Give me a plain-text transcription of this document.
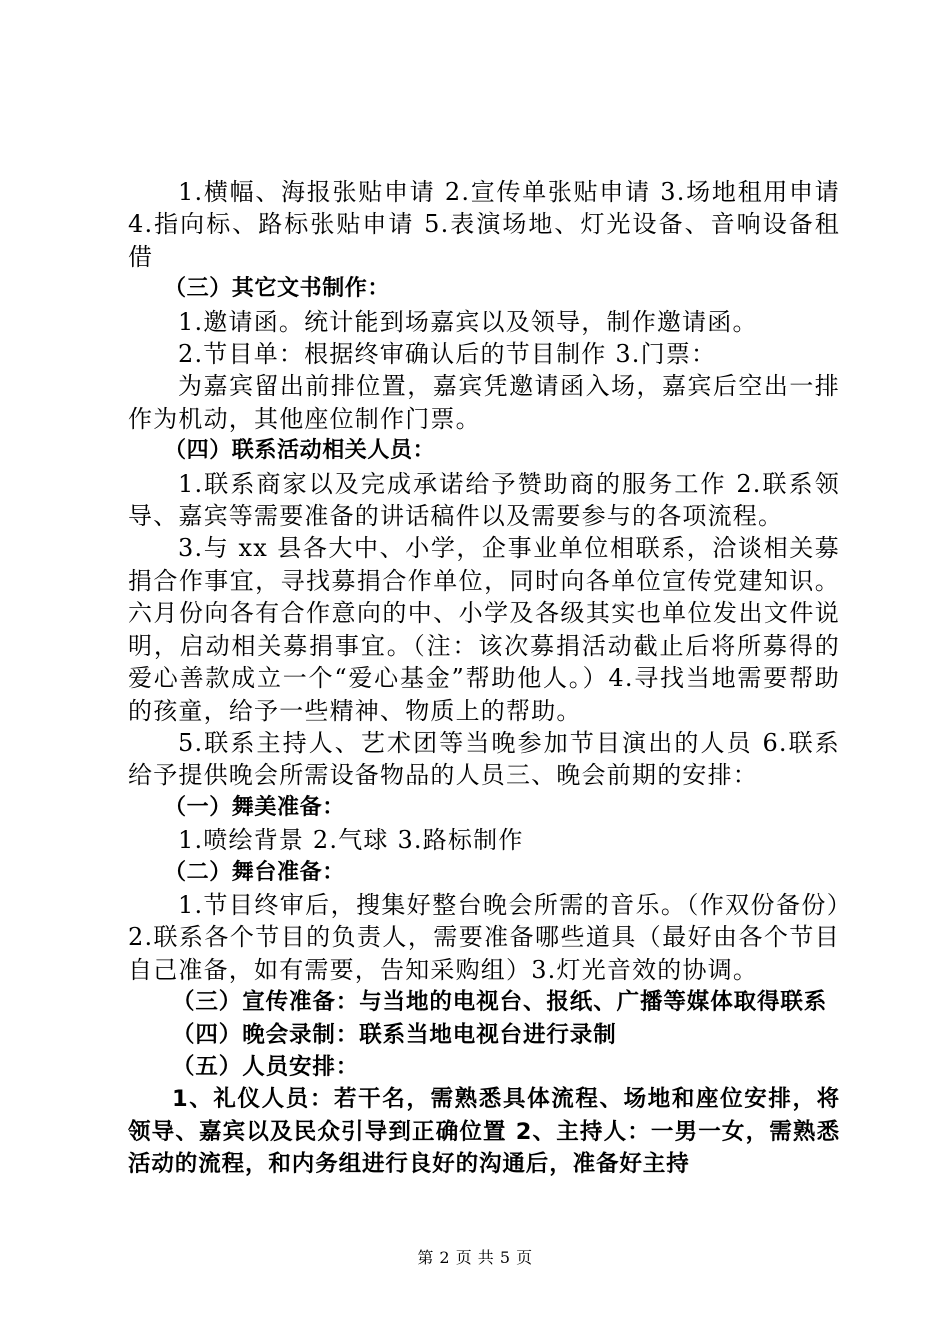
1.横幅、海报张贴申请 2.宣传单张贴申请 3.场地租用申请 4.指向标、路标张贴申请 5.表演场地、灯光设备、音响设备租借

（三）其它文书制作：

1.邀请函。统计能到场嘉宾以及领导，制作邀请函。

2.节目单：根据终审确认后的节目制作 3.门票：

为嘉宾留出前排位置，嘉宾凭邀请函入场，嘉宾后空出一排作为机动，其他座位制作门票。

（四）联系活动相关人员：

1.联系商家以及完成承诺给予赞助商的服务工作 2.联系领导、嘉宾等需要准备的讲话稿件以及需要参与的各项流程。

3.与 xx 县各大中、小学，企事业单位相联系，洽谈相关募捐合作事宜，寻找募捐合作单位，同时向各单位宣传党建知识。六月份向各有合作意向的中、小学及各级其实也单位发出文件说明，启动相关募捐事宜。（注：该次募捐活动截止后将所募得的爱心善款成立一个“爱心基金”帮助他人。）4.寻找当地需要帮助的孩童，给予一些精神、物质上的帮助。

5.联系主持人、艺术团等当晚参加节目演出的人员 6.联系给予提供晚会所需设备物品的人员三、晚会前期的安排：

（一）舞美准备：

1.喷绘背景 2.气球 3.路标制作

（二）舞台准备：

1.节目终审后，搜集好整台晚会所需的音乐。（作双份备份）2.联系各个节目的负责人，需要准备哪些道具（最好由各个节目自己准备，如有需要，告知采购组）3.灯光音效的协调。

（三）宣传准备：与当地的电视台、报纸、广播等媒体取得联系

（四）晚会录制：联系当地电视台进行录制

（五）人员安排：

1、礼仪人员：若干名，需熟悉具体流程、场地和座位安排，将领导、嘉宾以及民众引导到正确位置 2、主持人：一男一女，需熟悉活动的流程，和内务组进行良好的沟通后，准备好主持

第 2 页 共 5 页
